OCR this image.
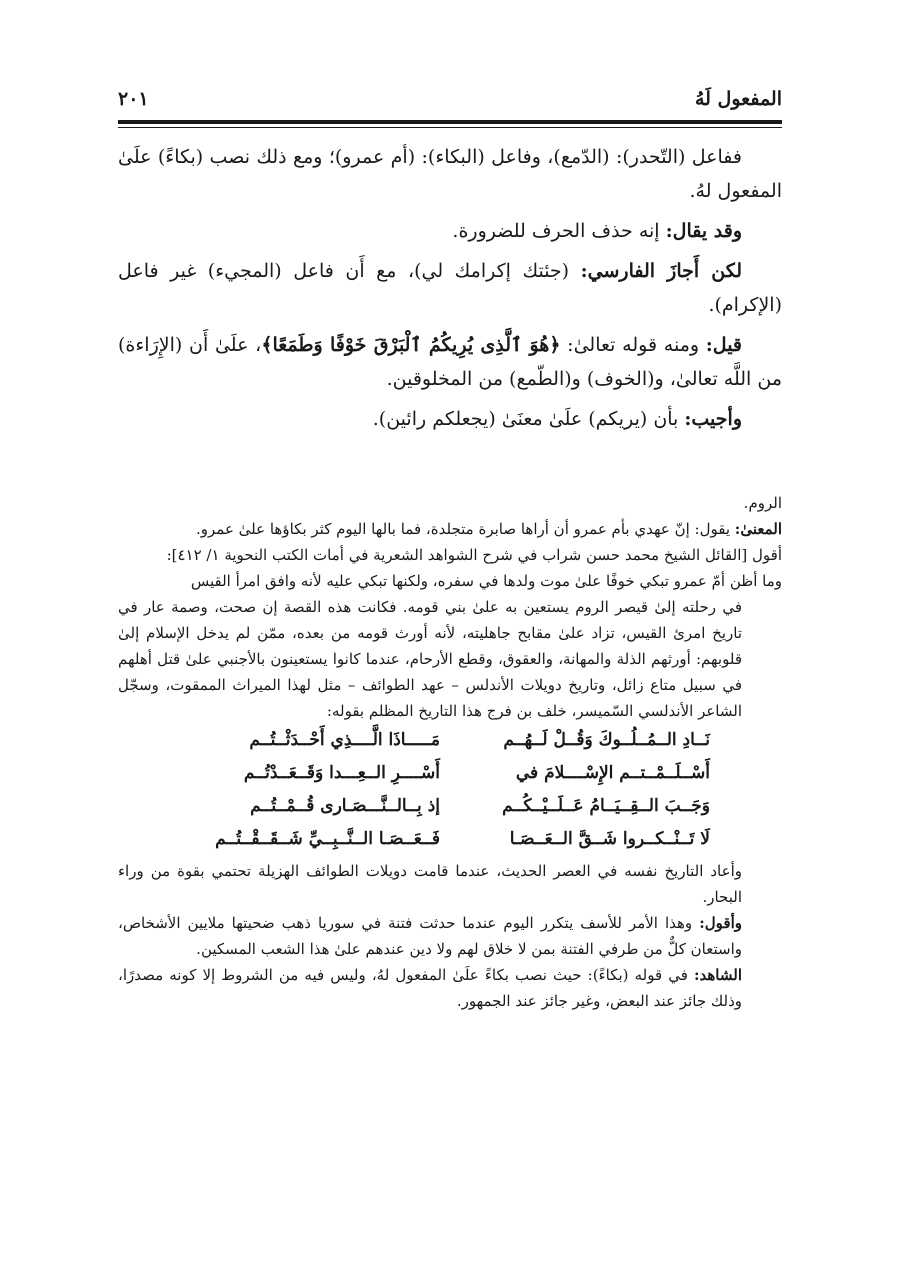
المفعول لَهُ
٢٠١

ففاعل (التّحدر): (الدّمع)، وفاعل (البكاء): (أم عمرو)؛ ومع ذلك نصب (بكاءً) علَىٰ المفعول لهُ.

وقد يقال: إنه حذف الحرف للضرورة.

لكن أَجازَ الفارسي: (جئتك إكرامك لي)، مع أَن فاعل (المجيء) غير فاعل (الإكرام).

قيل: ومنه قوله تعالىٰ: ﴿هُوَ ٱلَّذِى يُرِيكُمُ ٱلْبَرْقَ خَوْفًا وَطَمَعًا﴾، علَىٰ أَن (الإِرَاءة) من اللَّه تعالىٰ، و(الخوف) و(الطّمع) من المخلوقين.

وأجيب: بأن (يريكم) علَىٰ معنَىٰ (يجعلكم رائين).

الروم.

المعنىٰ: يقول: إنّ عهدي بأم عمرو أن أراها صابرة متجلدة، فما بالها اليوم كثر بكاؤها علىٰ عمرو.

أقول [القائل الشيخ محمد حسن شراب في شرح الشواهد الشعرية في أمات الكتب النحوية ١/ ٤١٢]:

وما أظن أمّ عمرو تبكي خوفًا علىٰ موت ولدها في سفره، ولكنها تبكي عليه لأنه وافق امرأ القيس

في رحلته إلىٰ قيصر الروم يستعين به علىٰ بني قومه. فكانت هذه القصة إن صحت، وصمة عار في تاريخ امرئ القيس، تزاد علىٰ مقابح جاهليته، لأنه أورث قومه من بعده، ممّن لم يدخل الإسلام إلىٰ قلوبهم: أورثهم الذلة والمهانة، والعقوق، وقطع الأرحام، عندما كانوا يستعينون بالأجنبي علىٰ قتل أهلهم في سبيل متاع زائل، وتاريخ دويلات الأندلس – عهد الطوائف – مثل لهذا الميراث الممقوت، وسجّل الشاعر الأندلسي السّميسر، خلف بن فرج هذا التاريخ المظلم بقوله:

نَــادِ الــمُــلُــوكَ وَقُــلْ لَــهُــم
مَـــــاذَا الَّــــذِي أَحْــدَثْــتُــم
أَسْــلَــمْــتــم الإِسْــــلامَ في
أَسْــــرِ الــعِـــدا وَقَــعَــدْتُــم
وَجَــبَ الــقِــيَــامُ عَــلَــيْــكُــم
إذ بِــالــنَّـــصَـارى قُــمْــتُــم
لَا تَــنْــكــروا شَــقَّ الــعَــصَـا
فَــعَــصَـا الــنَّــبِــيِّ شَــقَــقْــتُــم

وأعاد التاريخ نفسه في العصر الحديث، عندما قامت دويلات الطوائف الهزيلة تحتمي بقوة من وراء البحار.

وأقول: وهذا الأمر للأسف يتكرر اليوم عندما حدثت فتنة في سوريا ذهب ضحيتها ملايين الأشخاص، واستعان كلٌّ من طرفي الفتنة بمن لا خلاق لهم ولا دين عندهم علىٰ هذا الشعب المسكين.

الشاهد: في قوله (بكاءً): حيث نصب بكاءً علَىٰ المفعول لهُ، وليس فيه من الشروط إلا كونه مصدرًا، وذلك جائز عند البعض، وغير جائز عند الجمهور.
